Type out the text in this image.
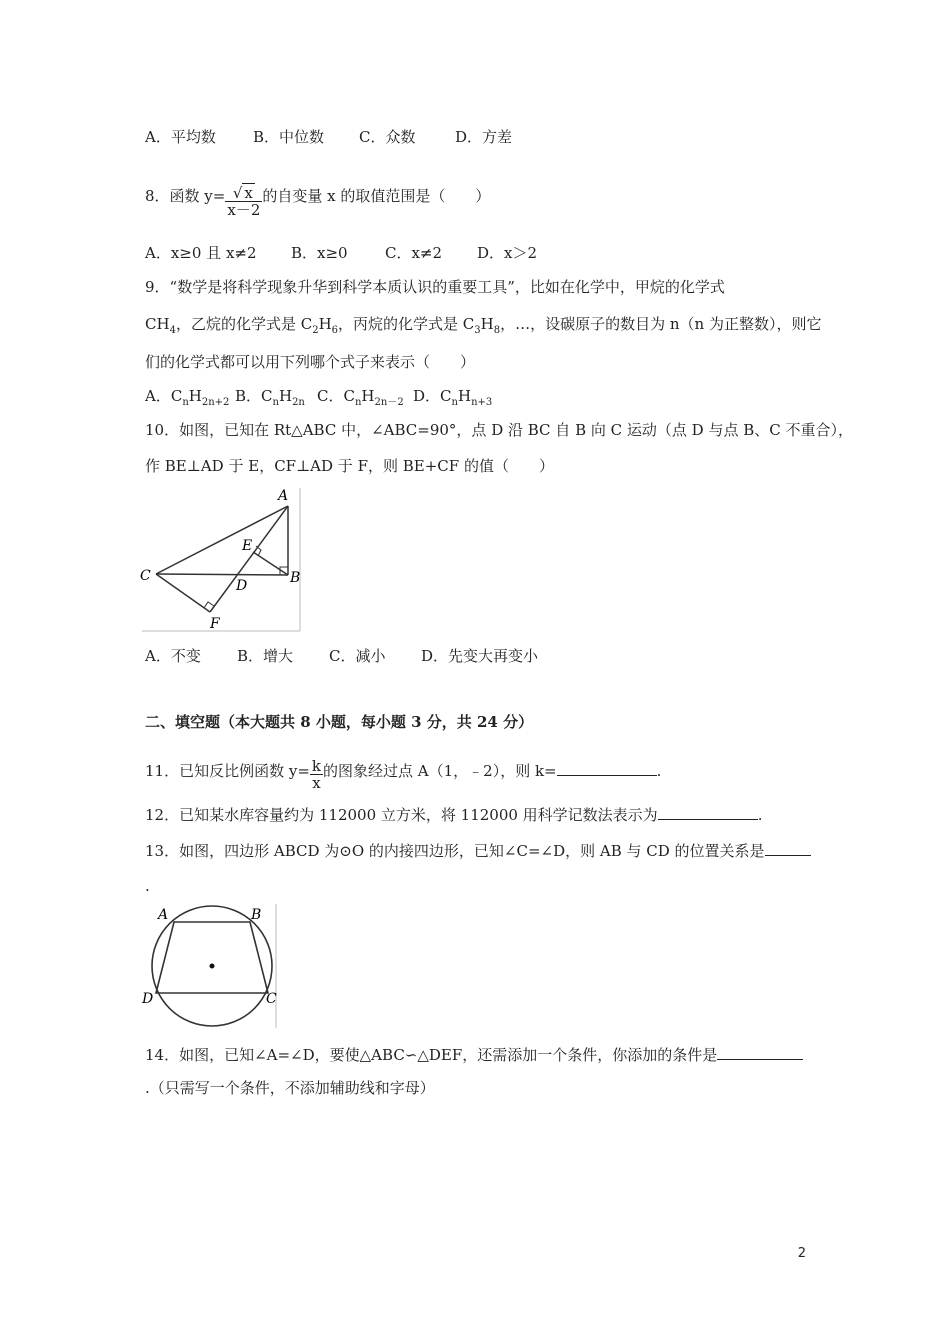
A．平均数 B．中位数 C．众数	D．方差
8．函数 $y= \frac{√ x}{x-2}$ 的自变量 x 的取值范围是（　　）
A．x≥0 且 x≠2 B．x≥0 C．x≠2 D．x＞2
9．“数学是将科学现象升华到科学本质认识的重要工具”，比如在化学中，甲烷的化学式
$CH_4$，乙烷的化学式是 $C_2H_6$，丙烷的化学式是 $C_3H_8$，…，设碳原子的数目为 n（n 为正整数），则它
们的化学式都可以用下列哪个式子来表示（　　）
A．$C_nH_{2n+2}$ B．$C_nH_{2n}$ C．$C_nH_{2n-2}$ D．$C_nH_{n+3}$
10．如图，已知在 Rt△ABC 中，∠ABC=90°，点 D 沿 BC 自 B 向 C 运动（点 D 与点 B、C 不重合），
作 BE⊥AD 于 E，CF⊥AD 于 F，则 BE+CF 的值（　　）
A
E
C	B
D
F
A．不变 B．增大 C．减小 D．先变大再变小
二、填空题（本大题共 8 小题，每小题 3 分，共 24 分）
11．已知反比例函数 $y= \frac{k}{x}$ 的图象经过点 A（1，﹣2），则 k=	.
12．已知某水库容量约为 112000 立方米，将 112000 用科学记数法表示为	.
13．如图，四边形 ABCD 为⊙O 的内接四边形，已知∠C=∠D，则 AB 与 CD 的位置关系是
.
A	B
D	C
14．如图，已知∠A=∠D，要使△ABC∽△DEF，还需添加一个条件，你添加的条件是
.（只需写一个条件，不添加辅助线和字母）
2
